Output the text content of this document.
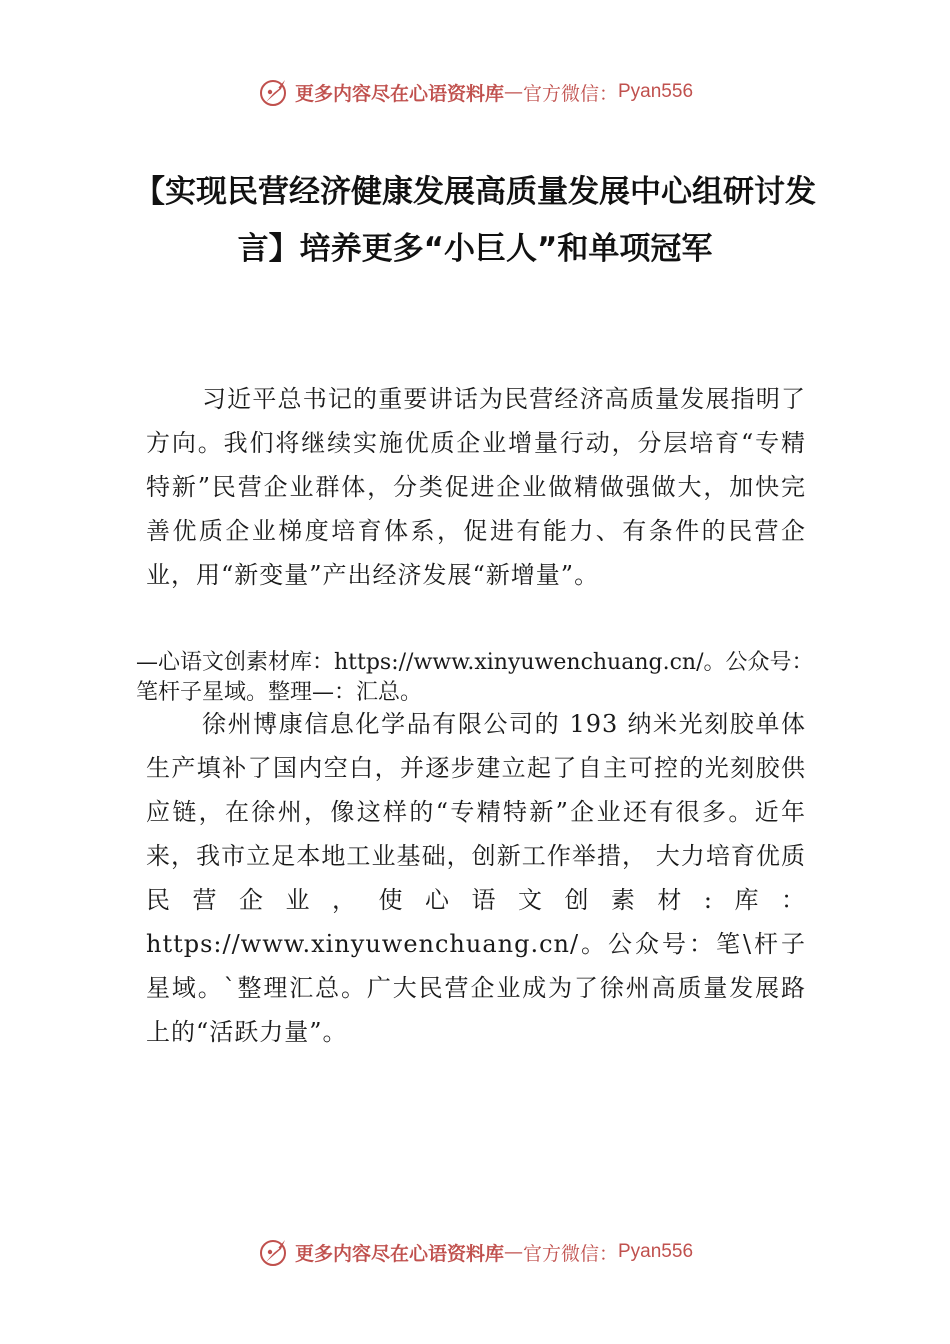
更多内容尽在心语资料库 — 官方微信： Pyan556
【实现民营经济健康发展高质量发展中心组研讨发言】培养更多“小巨人”和单项冠军
习近平总书记的重要讲话为民营经济高质量发展指明了方向。我们将继续实施优质企业增量行动，分层培育“专精特新”民营企业群体，分类促进企业做精做强做大，加快完善优质企业梯度培育体系，促进有能力、有条件的民营企业，用“新变量”产出经济发展“新增量”。
—心语文创素材库：https://www.xinyuwenchuang.cn/。公众号：笔杆子星域。整理—：汇总。
徐州博康信息化学品有限公司的 193 纳米光刻胶单体生产填补了国内空白，并逐步建立起了自主可控的光刻胶供应链，在徐州，像这样的“专精特新”企业还有很多。近年来，我市立足本地工业基础，创新工作举措， 大力培育优质民营企业，使心语文创素材:库：https://www.xinyuwenchuang.cn/。公众号：笔\杆子星域。`整理汇总。广大民营企业成为了徐州高质量发展路上的“活跃力量”。
更多内容尽在心语资料库 — 官方微信： Pyan556
